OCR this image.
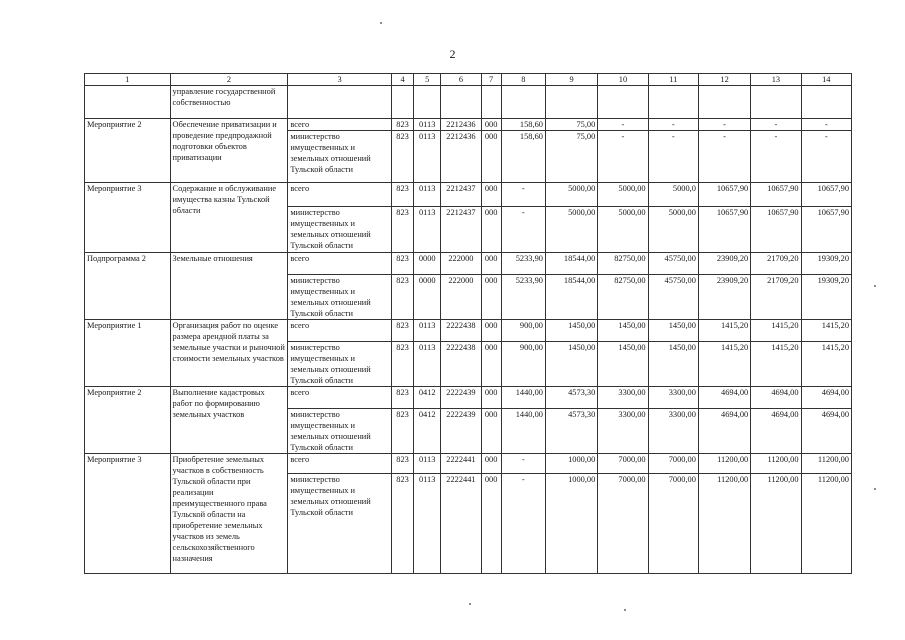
2
1	2	3	4	5	6	7	8	9	10	11	12	13	14
	управление государственной собственностью												
Мероприятие 2	Обеспечение приватизации и проведение предпродажной подготовки объектов приватизации	всего	823	0113	2212436	000	158,60	75,00	-	-	-	-	-
		министерство имущественных и земельных отношений Тульской области	823	0113	2212436	000	158,60	75,00	-	-	-	-	-
Мероприятие 3	Содержание и обслуживание имущества казны Тульской области	всего	823	0113	2212437	000	-	5000,00	5000,00	5000,0	10657,90	10657,90	10657,90
		министерство имущественных и земельных отношений Тульской области	823	0113	2212437	000	-	5000,00	5000,00	5000,00	10657,90	10657,90	10657,90
Подпрограмма 2	Земельные отношения	всего	823	0000	222000	000	5233,90	18544,00	82750,00	45750,00	23909,20	21709,20	19309,20
		министерство имущественных и земельных отношений Тульской области	823	0000	222000	000	5233,90	18544,00	82750,00	45750,00	23909,20	21709,20	19309,20
Мероприятие 1	Организация работ по оценке размера арендной платы за земельные участки и рыночной стоимости земельных участков	всего	823	0113	2222438	000	900,00	1450,00	1450,00	1450,00	1415,20	1415,20	1415,20
		министерство имущественных и земельных отношений Тульской области	823	0113	2222438	000	900,00	1450,00	1450,00	1450,00	1415,20	1415,20	1415,20
Мероприятие 2	Выполнение кадастровых работ по формированию земельных участков	всего	823	0412	2222439	000	1440,00	4573,30	3300,00	3300,00	4694,00	4694,00	4694,00
		министерство имущественных и земельных отношений Тульской области	823	0412	2222439	000	1440,00	4573,30	3300,00	3300,00	4694,00	4694,00	4694,00
Мероприятие 3	Приобретение земельных участков в собственность Тульской области при реализации преимущественного права Тульской области на приобретение земельных участков из земель сельскохозяйственного назначения	всего	823	0113	2222441	000	-	1000,00	7000,00	7000,00	11200,00	11200,00	11200,00
		министерство имущественных и земельных отношений Тульской области	823	0113	2222441	000	-	1000,00	7000,00	7000,00	11200,00	11200,00	11200,00
